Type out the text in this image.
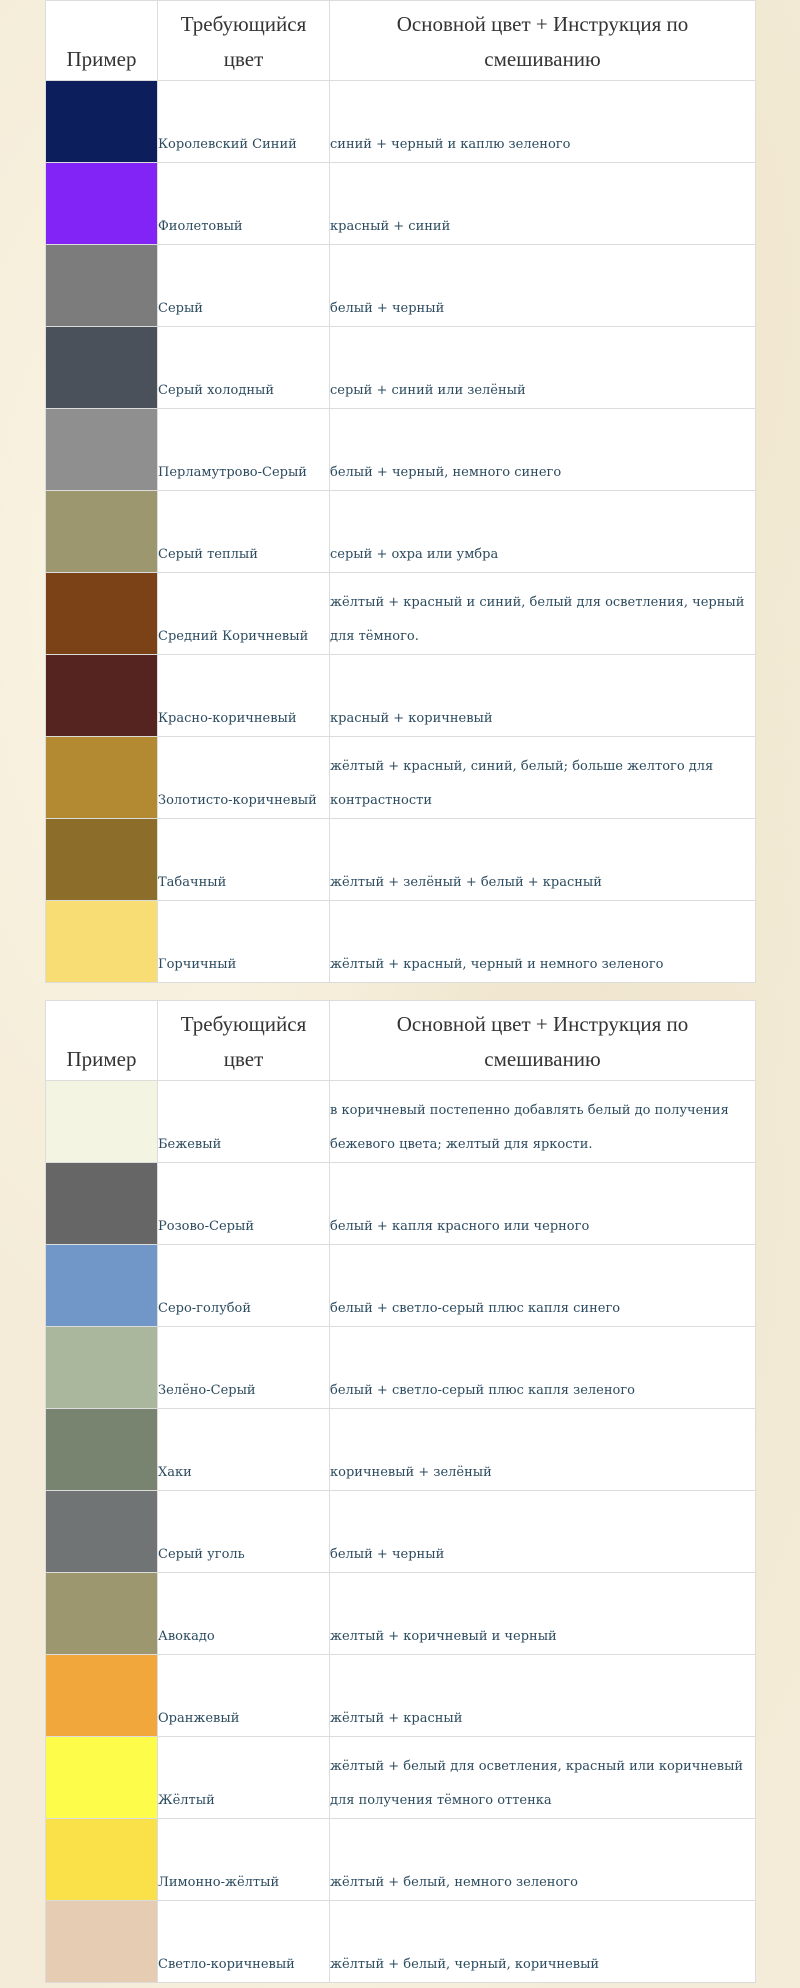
Пример	Требующийся цвет	Основной цвет + Инструкция по смешиванию
	Королевский Синий	синий + черный и каплю зеленого
	Фиолетовый	красный + синий
	Серый	белый + черный
	Серый холодный	серый + синий или зелёный
	Перламутрово-Серый	белый + черный, немного синего
	Серый теплый	серый + охра или умбра
	Средний Коричневый	жёлтый + красный и синий, белый для осветления, черный для тёмного.
	Красно-коричневый	красный + коричневый
	Золотисто-коричневый	жёлтый + красный, синий, белый; больше желтого для контрастности
	Табачный	жёлтый + зелёный + белый + красный
	Горчичный	жёлтый + красный, черный и немного зеленого
Пример	Требующийся цвет	Основной цвет + Инструкция по смешиванию
	Бежевый	в коричневый постепенно добавлять белый до получения бежевого цвета; желтый для яркости.
	Розово-Серый	белый + капля красного или черного
	Серо-голубой	белый + светло-серый плюс капля синего
	Зелёно-Серый	белый + светло-серый плюс капля зеленого
	Хаки	коричневый + зелёный
	Серый уголь	белый + черный
	Авокадо	желтый + коричневый и черный
	Оранжевый	жёлтый + красный
	Жёлтый	жёлтый + белый для осветления, красный или коричневый для получения тёмного оттенка
	Лимонно-жёлтый	жёлтый + белый, немного зеленого
	Светло-коричневый	жёлтый + белый, черный, коричневый
